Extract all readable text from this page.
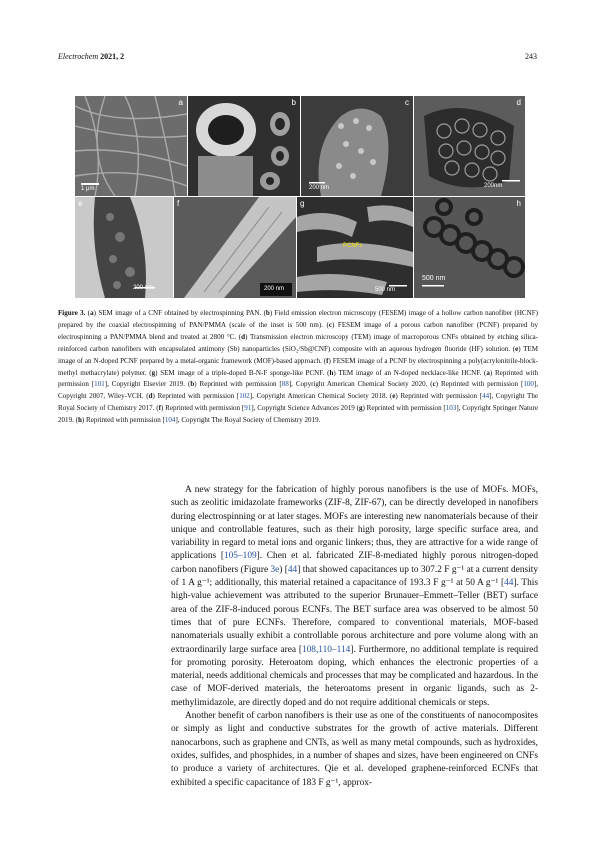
Electrochem 2021, 2	243
a
1 μm
b	c
200 nm
d
200nm
e
200 nm
f
200 nm
g
500 nm
PCNFs
h
500 nm
Figure 3. (a) SEM image of a CNF obtained by electrospinning PAN. (b) Field emission electron microscopy (FESEM) image of a hollow carbon nanofiber (HCNF) prepared by the coaxial electrospinning of PAN/PMMA (scale of the inset is 500 nm). (c) FESEM image of a porous carbon nanofiber (PCNF) prepared by electrospinning a PAN/PMMA blend and treated at 2800 °C. (d) Transmission electron microscopy (TEM) image of macroporous CNFs obtained by etching silica-reinforced carbon nanofibers with encapsulated antimony (Sb) nanoparticles (SiO₂/Sb@CNF) composite with an aqueous hydrogen fluoride (HF) solution. (e) TEM image of an N-doped PCNF prepared by a metal-organic framework (MOF)-based approach. (f) FESEM image of a PCNF by electrospinning a poly(acrylonitrile-block-methyl methacrylate) polymer. (g) SEM image of a triple-doped B-N-F sponge-like PCNF. (h) TEM image of an N-doped necklace-like HCNF. (a) Reprinted with permission [101], Copyright Elsevier 2019. (b) Reprinted with permission [88], Copyright American Chemical Society 2020. (c) Reprinted with permission [100], Copyright 2007, Wiley-VCH. (d) Reprinted with permission [102], Copyright American Chemical Society 2018. (e) Reprinted with permission [44], Copyright The Royal Society of Chemistry 2017. (f) Reprinted with permission [91], Copyright Science Advances 2019 (g) Reprinted with permission [103], Copyright Springer Nature 2019. (h) Reprinted with permission [104], Copyright The Royal Society of Chemistry 2019.

A new strategy for the fabrication of highly porous nanofibers is the use of MOFs. MOFs, such as zeolitic imidazolate frameworks (ZIF-8, ZIF-67), can be directly developed in nanofibers during electrospinning or at later stages. MOFs are interesting new nanomaterials because of their unique and controllable features, such as their high porosity, large specific surface area, and variability in regard to metal ions and organic linkers; thus, they are attractive for a wide range of applications [105–109]. Chen et al. fabricated ZIF-8-mediated highly porous nitrogen-doped carbon nanofibers (Figure 3e) [44] that showed capacitances up to 307.2 F g⁻¹ at a current density of 1 A g⁻¹; additionally, this material retained a capacitance of 193.3 F g⁻¹ at 50 A g⁻¹ [44]. This high-value achievement was attributed to the superior Brunauer–Emmett–Teller (BET) surface area of the ZIF-8-induced porous ECNFs. The BET surface area was observed to be almost 50 times that of pure ECNFs. Therefore, compared to conventional materials, MOF-based nanomaterials usually exhibit a controllable porous architecture and pore volume along with an extraordinarily large surface area [108,110–114]. Furthermore, no additional template is required for promoting porosity. Heteroatom doping, which enhances the electronic properties of a material, needs additional chemicals and processes that may be complicated and hazardous. In the case of MOF-derived materials, the heteroatoms present in organic ligands, such as 2-methylimidazole, are directly doped and do not require additional chemicals or steps.

Another benefit of carbon nanofibers is their use as one of the constituents of nanocomposites or simply as light and conductive substrates for the growth of active materials. Different nanocarbons, such as graphene and CNTs, as well as many metal compounds, such as hydroxides, oxides, sulfides, and phosphides, in a number of shapes and sizes, have been engineered on CNFs to produce a variety of architectures. Qie et al. developed graphene-reinforced ECNFs that exhibited a specific capacitance of 183 F g⁻¹, approx-
